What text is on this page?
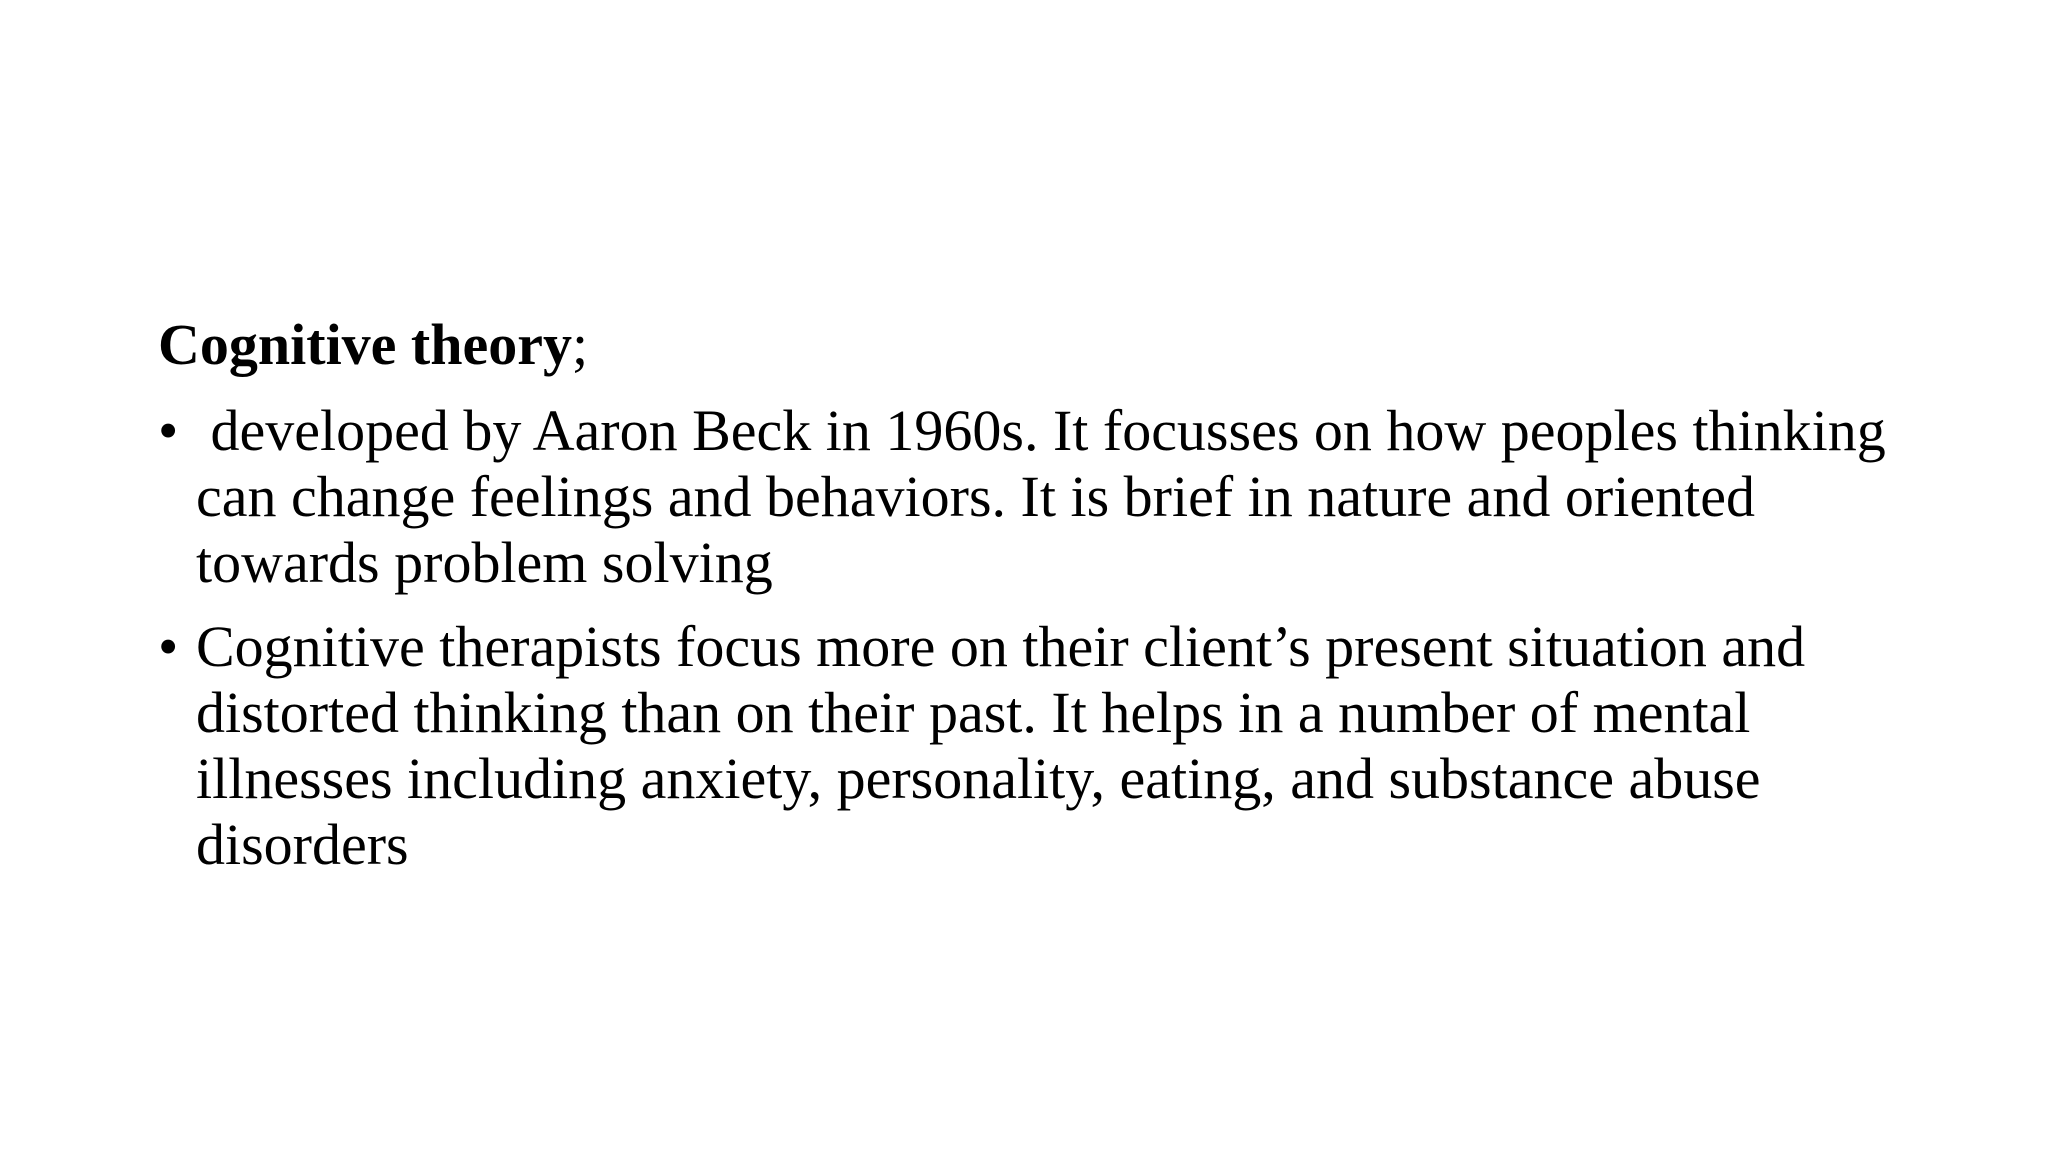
Cognitive theory;

• developed by Aaron Beck in 1960s. It focusses on how peoples thinking can change feelings and behaviors. It is brief in nature and oriented towards problem solving
• Cognitive therapists focus more on their client’s present situation and distorted thinking than on their past. It helps in a number of mental illnesses including anxiety, personality, eating, and substance abuse disorders
